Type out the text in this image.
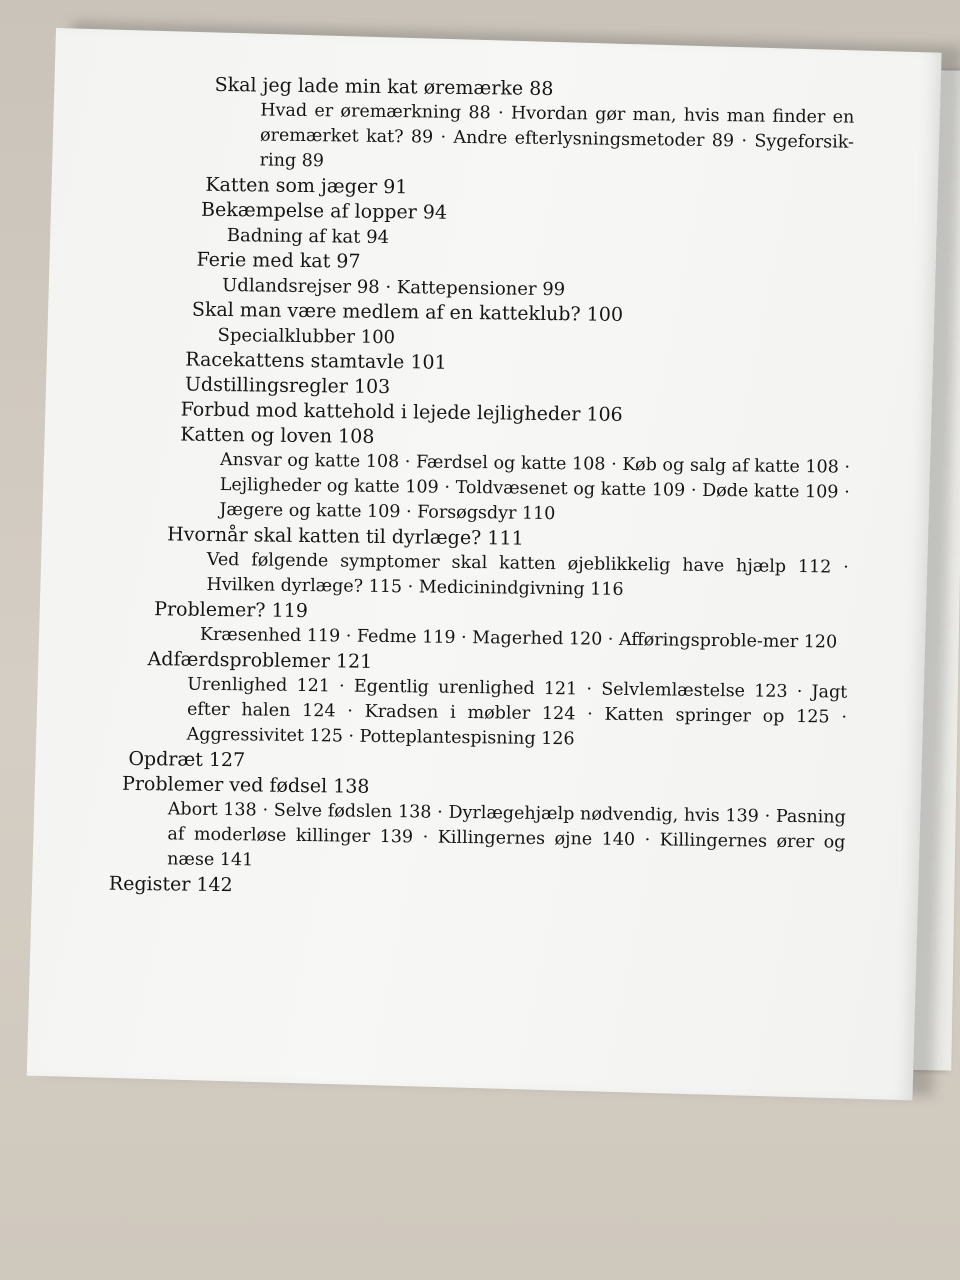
Skal jeg lade min kat øremærke 88
Hvad er øremærkning 88 · Hvordan gør man, hvis man finder en øremærket kat? 89 · Andre efterlysningsmetoder 89 · Sygeforsik-ring 89
Katten som jæger 91
Bekæmpelse af lopper 94
Badning af kat 94
Ferie med kat 97
Udlandsrejser 98 · Kattepensioner 99
Skal man være medlem af en katteklub? 100
Specialklubber 100
Racekattens stamtavle 101
Udstillingsregler 103
Forbud mod kattehold i lejede lejligheder 106
Katten og loven 108
Ansvar og katte 108 · Færdsel og katte 108 · Køb og salg af katte 108 · Lejligheder og katte 109 · Toldvæsenet og katte 109 · Døde katte 109 · Jægere og katte 109 · Forsøgsdyr 110
Hvornår skal katten til dyrlæge? 111
Ved følgende symptomer skal katten øjeblikkelig have hjælp 112 · Hvilken dyrlæge? 115 · Medicinindgivning 116
Problemer? 119
Kræsenhed 119 · Fedme 119 · Magerhed 120 · Afføringsproble-mer 120
Adfærdsproblemer 121
Urenlighed 121 · Egentlig urenlighed 121 · Selvlemlæstelse 123 · Jagt efter halen 124 · Kradsen i møbler 124 · Katten springer op 125 · Aggressivitet 125 · Potteplantespisning 126
Opdræt 127
Problemer ved fødsel 138
Abort 138 · Selve fødslen 138 · Dyrlægehjælp nødvendig, hvis 139 · Pasning af moderløse killinger 139 · Killingernes øjne 140 · Killingernes ører og næse 141
Register 142
